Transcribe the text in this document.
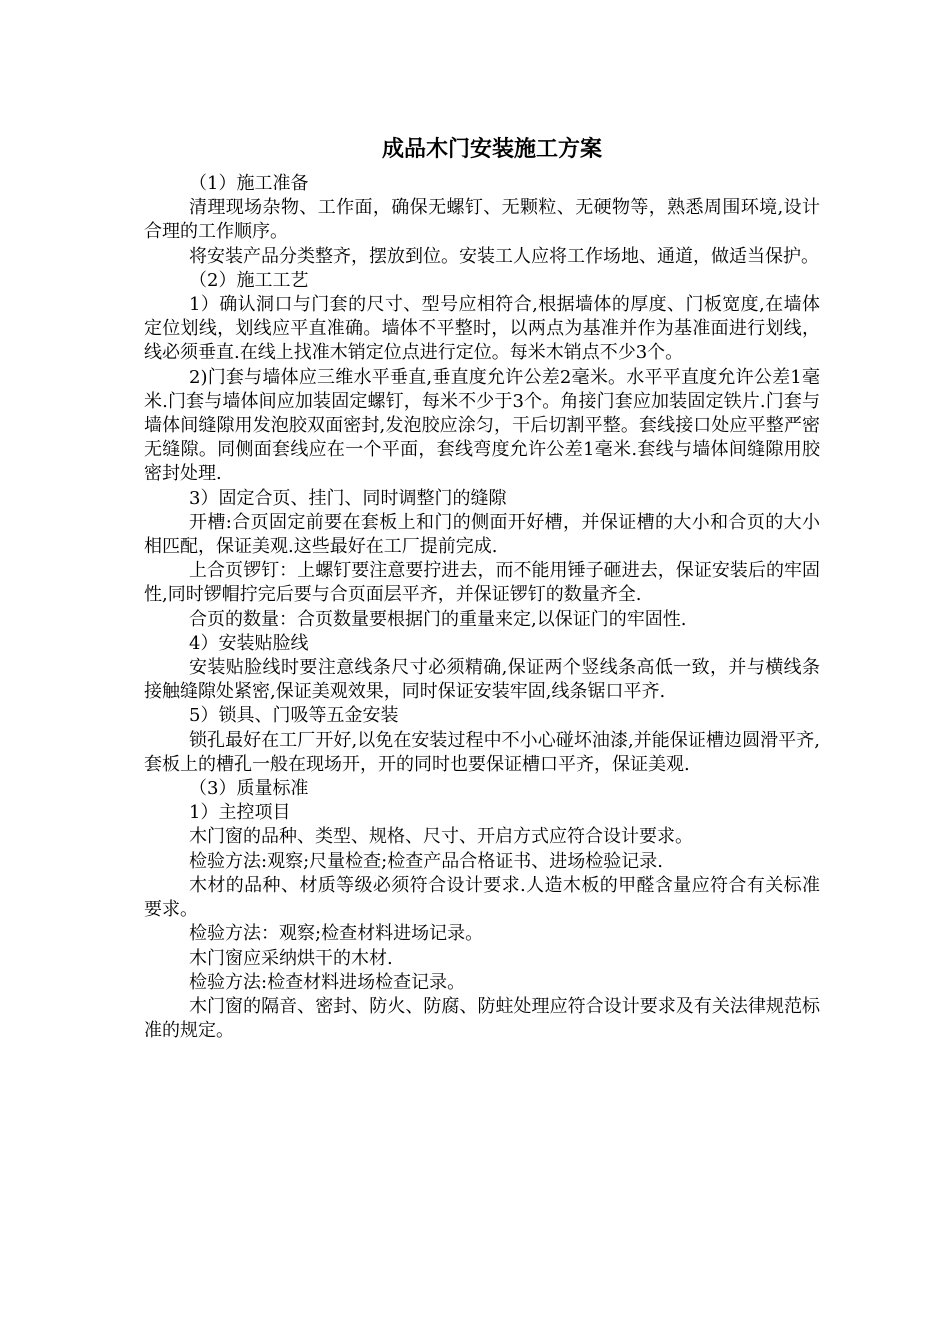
成品木门安装施工方案

（1）施工准备

清理现场杂物、工作面，确保无螺钉、无颗粒、无硬物等，熟悉周围环境,设计合理的工作顺序。

将安装产品分类整齐，摆放到位。安装工人应将工作场地、通道，做适当保护。

（2）施工工艺

1）确认洞口与门套的尺寸、型号应相符合,根据墙体的厚度、门板宽度,在墙体定位划线，划线应平直准确。墙体不平整时，以两点为基准并作为基准面进行划线，线必须垂直.在线上找准木销定位点进行定位。每米木销点不少3个。

2)门套与墙体应三维水平垂直,垂直度允许公差2毫米。水平平直度允许公差1毫米.门套与墙体间应加装固定螺钉，每米不少于3个。角接门套应加装固定铁片.门套与墙体间缝隙用发泡胶双面密封,发泡胶应涂匀，干后切割平整。套线接口处应平整严密无缝隙。同侧面套线应在一个平面，套线弯度允许公差1毫米.套线与墙体间缝隙用胶密封处理.

3）固定合页、挂门、同时调整门的缝隙

开槽:合页固定前要在套板上和门的侧面开好槽，并保证槽的大小和合页的大小相匹配，保证美观.这些最好在工厂提前完成.

上合页锣钉：上螺钉要注意要拧进去，而不能用锤子砸进去，保证安装后的牢固性,同时锣帽拧完后要与合页面层平齐，并保证锣钉的数量齐全.

合页的数量：合页数量要根据门的重量来定,以保证门的牢固性.

4）安装贴脸线

安装贴脸线时要注意线条尺寸必须精确,保证两个竖线条高低一致，并与横线条接触缝隙处紧密,保证美观效果，同时保证安装牢固,线条锯口平齐.

5）锁具、门吸等五金安装

锁孔最好在工厂开好,以免在安装过程中不小心碰坏油漆,并能保证槽边圆滑平齐,套板上的槽孔一般在现场开，开的同时也要保证槽口平齐，保证美观.

（3）质量标准

1）主控项目

木门窗的品种、类型、规格、尺寸、开启方式应符合设计要求。

检验方法:观察;尺量检查;检查产品合格证书、进场检验记录.

木材的品种、材质等级必须符合设计要求.人造木板的甲醛含量应符合有关标准要求。

检验方法：观察;检查材料进场记录。

木门窗应采纳烘干的木材.

检验方法:检查材料进场检查记录。

木门窗的隔音、密封、防火、防腐、防蛀处理应符合设计要求及有关法律规范标准的规定。
